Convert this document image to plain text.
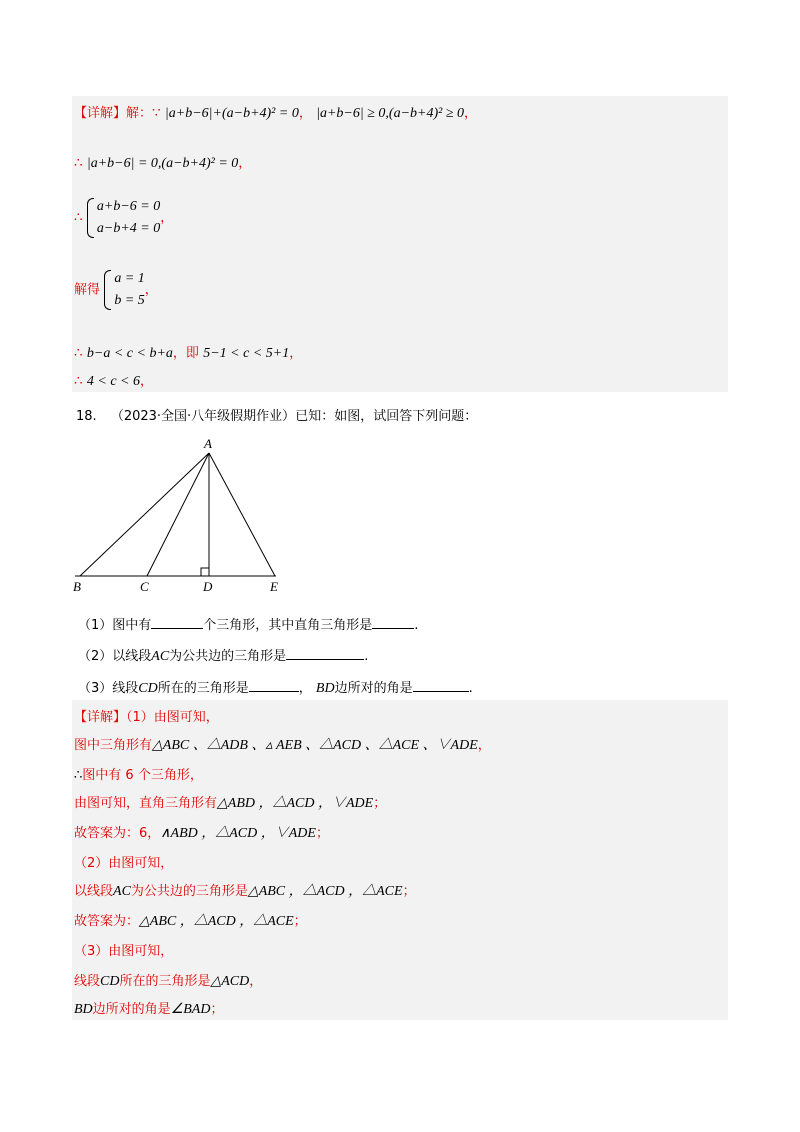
【详解】解：∵ |a+b−6|+(a−b+4)² = 0， |a+b−6| ≥ 0,(a−b+4)² ≥ 0，
∴ |a+b−6| = 0,(a−b+4)² = 0，
∴
a+b−6 = 0
a−b+4 = 0
，
解得
a = 1
b = 5
，
∴ b−a < c < b+a，即 5−1 < c < 5+1，
∴ 4 < c < 6，
18. （2023·全国·八年级假期作业）已知：如图，试回答下列问题：
A
B	C	D	E
（1）图中有	个三角形，其中直角三角形是	.
（2）以线段AC为公共边的三角形是	.
（3）线段CD所在的三角形是	， BD边所对的角是	.
【详解】（1）由图可知，
图中三角形有△ABC 、△ADB 、▵ AEB 、△ACD 、△ACE 、∨ADE，
∴图中有 6 个三角形，
由图可知，直角三角形有△ABD ，△ACD ，∨ADE；
故答案为：6，∧ABD ，△ACD ，∨ADE；
（2）由图可知，
以线段AC为公共边的三角形是△ABC ，△ACD ，△ACE；
故答案为：△ABC ，△ACD ，△ACE；
（3）由图可知，
线段CD所在的三角形是△ACD，
BD边所对的角是∠BAD；
